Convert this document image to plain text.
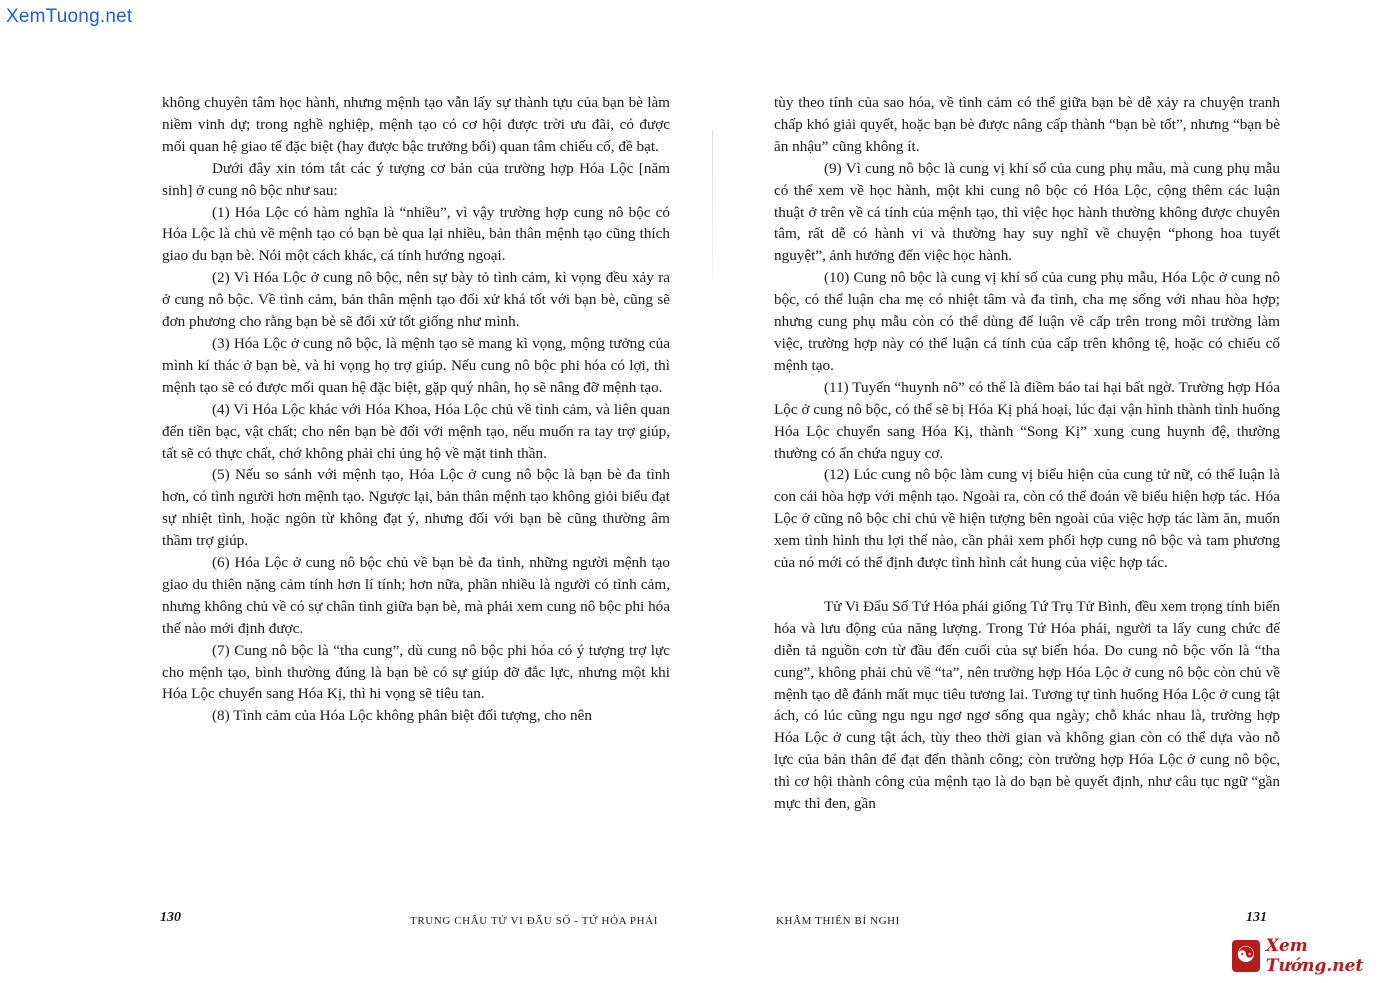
XemTuong.net

không chuyên tâm học hành, nhưng mệnh tạo vẫn lấy sự thành tựu của bạn bè làm niềm vinh dự; trong nghề nghiệp, mệnh tạo có cơ hội được trời ưu đãi, có được mối quan hệ giao tế đặc biệt (hay được bậc trưởng bối) quan tâm chiếu cố, đề bạt.

Dưới đây xin tóm tắt các ý tượng cơ bản của trường hợp Hóa Lộc [năm sinh] ở cung nô bộc như sau:

(1) Hóa Lộc có hàm nghĩa là “nhiều”, vì vậy trường hợp cung nô bộc có Hóa Lộc là chủ về mệnh tạo có bạn bè qua lại nhiều, bản thân mệnh tạo cũng thích giao du bạn bè. Nói một cách khác, cá tính hướng ngoại.

(2) Vì Hóa Lộc ở cung nô bộc, nên sự bày tỏ tình cảm, kì vọng đều xảy ra ở cung nô bộc. Về tình cảm, bản thân mệnh tạo đối xử khá tốt với bạn bè, cũng sẽ đơn phương cho rằng bạn bè sẽ đối xử tốt giống như mình.

(3) Hóa Lộc ở cung nô bộc, là mệnh tạo sẽ mang kì vọng, mộng tưởng của mình kí thác ở bạn bè, và hi vọng họ trợ giúp. Nếu cung nô bộc phi hóa có lợi, thì mệnh tạo sẽ có được mối quan hệ đặc biệt, gặp quý nhân, họ sẽ nâng đỡ mệnh tạo.

(4) Vì Hóa Lộc khác với Hóa Khoa, Hóa Lộc chủ về tình cảm, và liên quan đến tiền bạc, vật chất; cho nên bạn bè đối với mệnh tạo, nếu muốn ra tay trợ giúp, tất sẽ có thực chất, chớ không phải chỉ ủng hộ về mặt tinh thần.

(5) Nếu so sánh với mệnh tạo, Hóa Lộc ở cung nô bộc là bạn bè đa tình hơn, có tình người hơn mệnh tạo. Ngược lại, bản thân mệnh tạo không giỏi biểu đạt sự nhiệt tình, hoặc ngôn từ không đạt ý, nhưng đối với bạn bè cũng thường âm thầm trợ giúp.

(6) Hóa Lộc ở cung nô bộc chủ về bạn bè đa tình, những người mệnh tạo giao du thiên nặng cảm tính hơn lí tính; hơn nữa, phần nhiều là người có tình cảm, nhưng không chủ về có sự chân tình giữa bạn bè, mà phải xem cung nô bộc phi hóa thế nào mới định được.

(7) Cung nô bộc là “tha cung”, dù cung nô bộc phi hóa có ý tượng trợ lực cho mệnh tạo, bình thường đúng là bạn bè có sự giúp đỡ đắc lực, nhưng một khi Hóa Lộc chuyển sang Hóa Kị, thì hi vọng sẽ tiêu tan.

(8) Tình cảm của Hóa Lộc không phân biệt đối tượng, cho nên

tùy theo tính của sao hóa, về tình cảm có thể giữa bạn bè dễ xảy ra chuyện tranh chấp khó giải quyết, hoặc bạn bè được nâng cấp thành “bạn bè tốt”, nhưng “bạn bè ăn nhậu” cũng không ít.

(9) Vì cung nô bộc là cung vị khí số của cung phụ mẫu, mà cung phụ mẫu có thể xem về học hành, một khi cung nô bộc có Hóa Lộc, cộng thêm các luận thuật ở trên về cá tính của mệnh tạo, thì việc học hành thường không được chuyên tâm, rất dễ có hành vi và thường hay suy nghĩ về chuyện “phong hoa tuyết nguyệt”, ảnh hưởng đến việc học hành.

(10) Cung nô bộc là cung vị khí số của cung phụ mẫu, Hóa Lộc ở cung nô bộc, có thể luận cha mẹ có nhiệt tâm và đa tình, cha mẹ sống với nhau hòa hợp; nhưng cung phụ mẫu còn có thể dùng để luận về cấp trên trong môi trường làm việc, trường hợp này có thể luận cá tính của cấp trên không tệ, hoặc có chiếu cố mệnh tạo.

(11) Tuyến “huynh nô” có thể là điềm báo tai hại bất ngờ. Trường hợp Hóa Lộc ở cung nô bộc, có thể sẽ bị Hóa Kị phá hoại, lúc đại vận hình thành tình huống Hóa Lộc chuyển sang Hóa Kị, thành “Song Kị” xung cung huynh đệ, thường thường có ẩn chứa nguy cơ.

(12) Lúc cung nô bộc làm cung vị biểu hiện của cung tử nữ, có thể luận là con cái hòa hợp với mệnh tạo. Ngoài ra, còn có thể đoán về biểu hiện hợp tác. Hóa Lộc ở cũng nô bộc chỉ chủ về hiện tượng bên ngoài của việc hợp tác làm ăn, muốn xem tình hình thu lợi thế nào, cần phải xem phối hợp cung nô bộc và tam phương của nó mới có thể định được tình hình cát hung của việc hợp tác.

Tử Vi Đẩu Số Tứ Hóa phái giống Tứ Trụ Tử Bình, đều xem trọng tính biến hóa và lưu động của năng lượng. Trong Tứ Hóa phái, người ta lấy cung chức để diễn tả nguồn cơn từ đầu đến cuối của sự biến hóa. Do cung nô bộc vốn là “tha cung”, không phải chủ về “ta”, nên trường hợp Hóa Lộc ở cung nô bộc còn chủ về mệnh tạo dễ đánh mất mục tiêu tương lai. Tương tự tình huống Hóa Lộc ở cung tật ách, có lúc cũng ngu ngu ngơ ngơ sống qua ngày; chỗ khác nhau là, trường hợp Hóa Lộc ở cung tật ách, tùy theo thời gian và không gian còn có thể dựa vào nỗ lực của bản thân để đạt đến thành công; còn trường hợp Hóa Lộc ở cung nô bộc, thì cơ hội thành công của mệnh tạo là do bạn bè quyết định, như câu tục ngữ “gần mực thì đen, gần

130	TRUNG CHÂU TỬ VI ĐẨU SỐ - TỨ HÓA PHÁI	KHÂM THIÊN BÍ NGHI	131
☯ Xem Tướng.net
